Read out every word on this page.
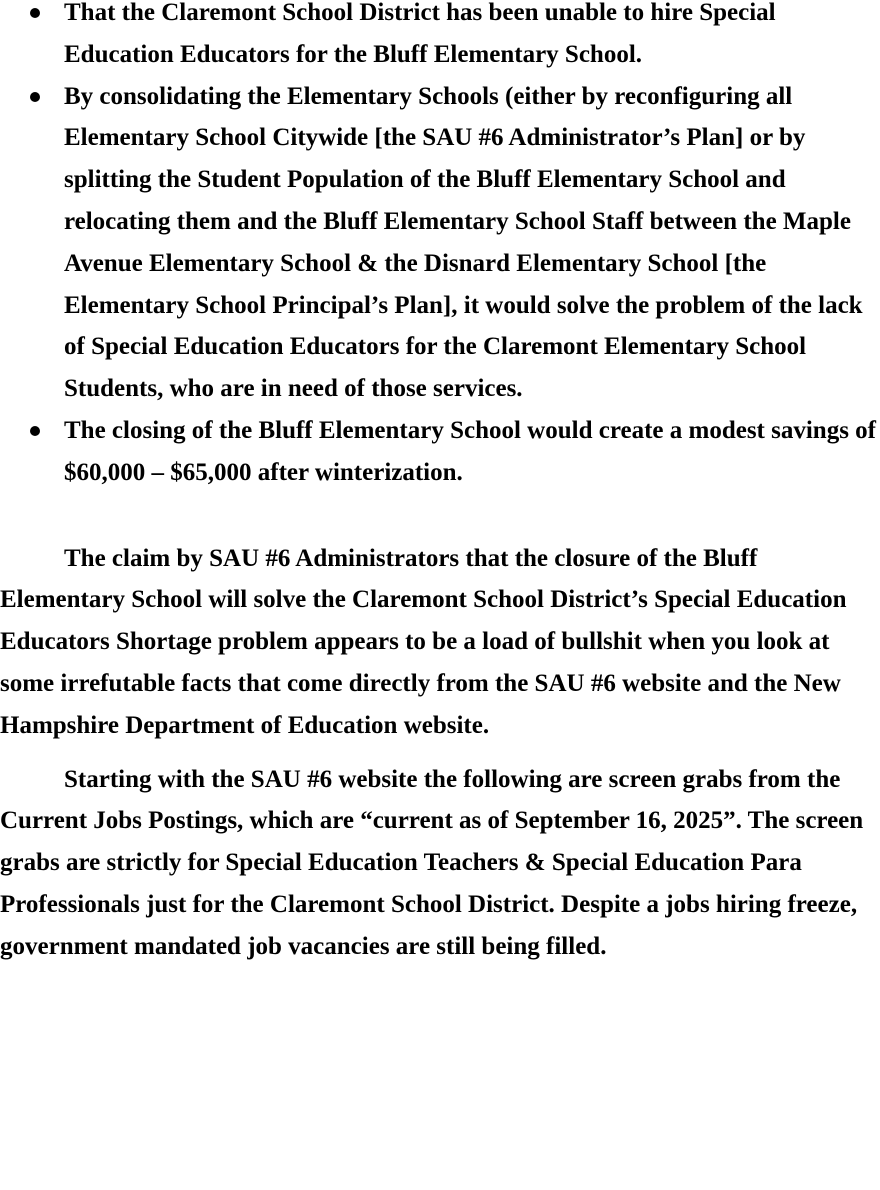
That the Claremont School District has been unable to hire Special Education Educators for the Bluff Elementary School.
By consolidating the Elementary Schools (either by reconfiguring all Elementary School Citywide [the SAU #6 Administrator’s Plan] or by splitting the Student Population of the Bluff Elementary School and relocating them and the Bluff Elementary School Staff between the Maple Avenue Elementary School & the Disnard Elementary School [the Elementary School Principal’s Plan], it would solve the problem of the lack of Special Education Educators for the Claremont Elementary School Students, who are in need of those services.
The closing of the Bluff Elementary School would create a modest savings of $60,000 – $65,000 after winterization.

The claim by SAU #6 Administrators that the closure of the Bluff Elementary School will solve the Claremont School District’s Special Education Educators Shortage problem appears to be a load of bullshit when you look at some irrefutable facts that come directly from the SAU #6 website and the New Hampshire Department of Education website.

Starting with the SAU #6 website the following are screen grabs from the Current Jobs Postings, which are “current as of September 16, 2025”. The screen grabs are strictly for Special Education Teachers & Special Education Para Professionals just for the Claremont School District. Despite a jobs hiring freeze, government mandated job vacancies are still being filled.
